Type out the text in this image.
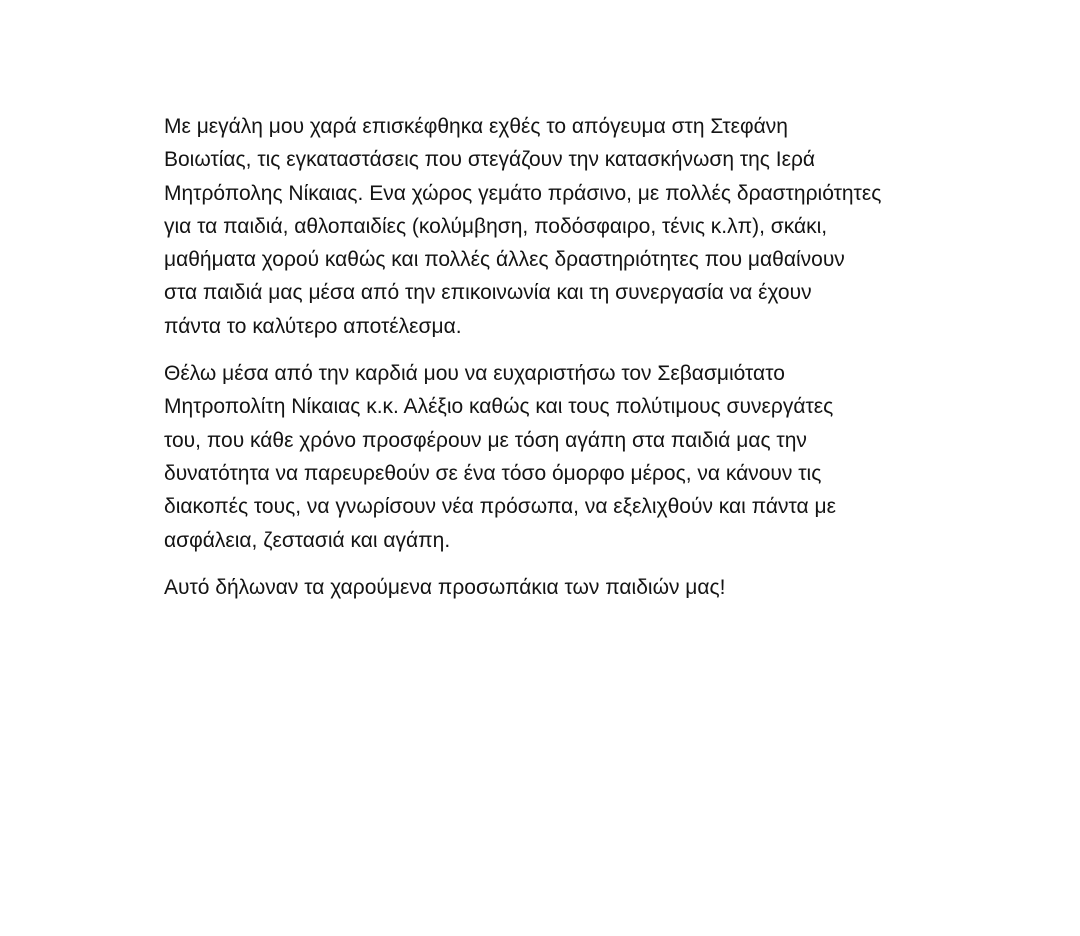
Με μεγάλη μου χαρά επισκέφθηκα εχθές το απόγευμα στη Στεφάνη
Βοιωτίας, τις εγκαταστάσεις που στεγάζουν την κατασκήνωση της Ιερά
Μητρόπολης Νίκαιας. Ενα χώρος γεμάτο πράσινο, με πολλές δραστηριότητες
για τα παιδιά, αθλοπαιδίες (κολύμβηση, ποδόσφαιρο, τένις κ.λπ), σκάκι,
μαθήματα χορού καθώς και πολλές άλλες δραστηριότητες που μαθαίνουν
στα παιδιά μας μέσα από την επικοινωνία και τη συνεργασία να έχουν
πάντα το καλύτερο αποτέλεσμα.

Θέλω μέσα από την καρδιά μου να ευχαριστήσω τον Σεβασμιότατο
Μητροπολίτη Νίκαιας κ.κ. Αλέξιο καθώς και τους πολύτιμους συνεργάτες
του, που κάθε χρόνο προσφέρουν με τόση αγάπη στα παιδιά μας την
δυνατότητα να παρευρεθούν σε ένα τόσο όμορφο μέρος, να κάνουν τις
διακοπές τους, να γνωρίσουν νέα πρόσωπα, να εξελιχθούν και πάντα με
ασφάλεια, ζεστασιά και αγάπη.

Αυτό δήλωναν τα χαρούμενα προσωπάκια των παιδιών μας!
